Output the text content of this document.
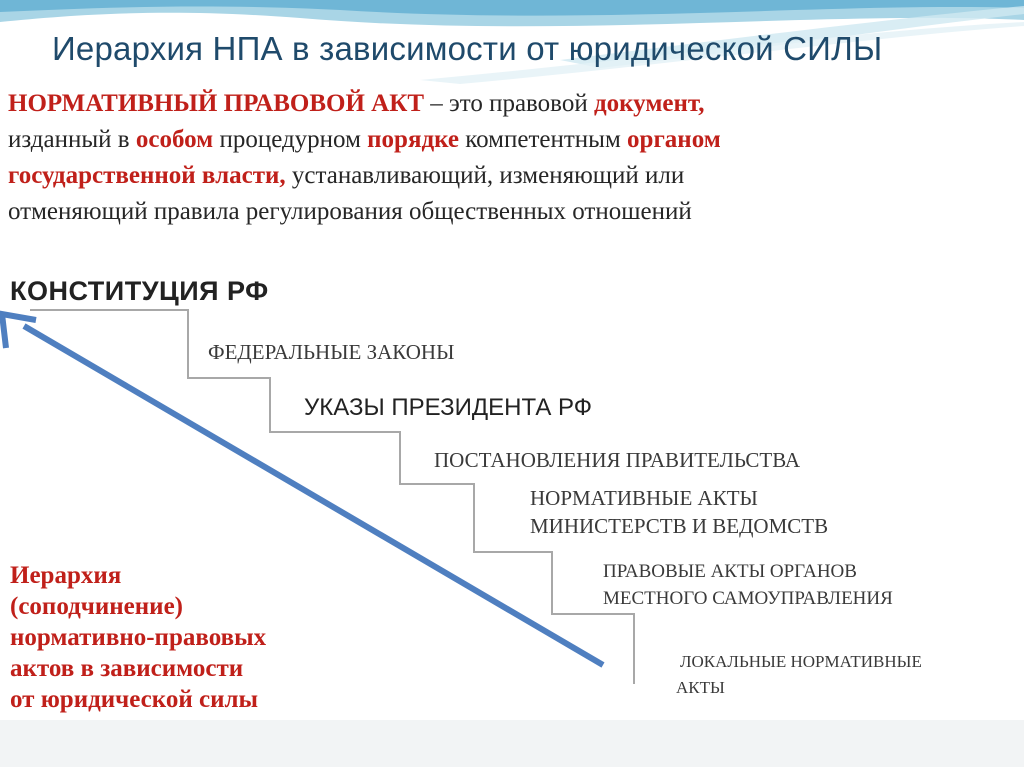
Иерархия НПА в зависимости от юридической СИЛЫ
НОРМАТИВНЫЙ ПРАВОВОЙ АКТ – это правовой документ,
изданный в особом процедурном порядке компетентным органом
государственной власти, устанавливающий, изменяющий или
отменяющий правила регулирования общественных отношений
КОНСТИТУЦИЯ РФ
ФЕДЕРАЛЬНЫЕ ЗАКОНЫ
УКАЗЫ ПРЕЗИДЕНТА РФ
ПОСТАНОВЛЕНИЯ ПРАВИТЕЛЬСТВА
НОРМАТИВНЫЕ АКТЫ
МИНИСТЕРСТВ И ВЕДОМСТВ
ПРАВОВЫЕ АКТЫ ОРГАНОВ
МЕСТНОГО САМОУПРАВЛЕНИЯ
ЛОКАЛЬНЫЕ НОРМАТИВНЫЕ
АКТЫ
Иерархия
(соподчинение)
нормативно-правовых
актов в зависимости
от юридической силы
